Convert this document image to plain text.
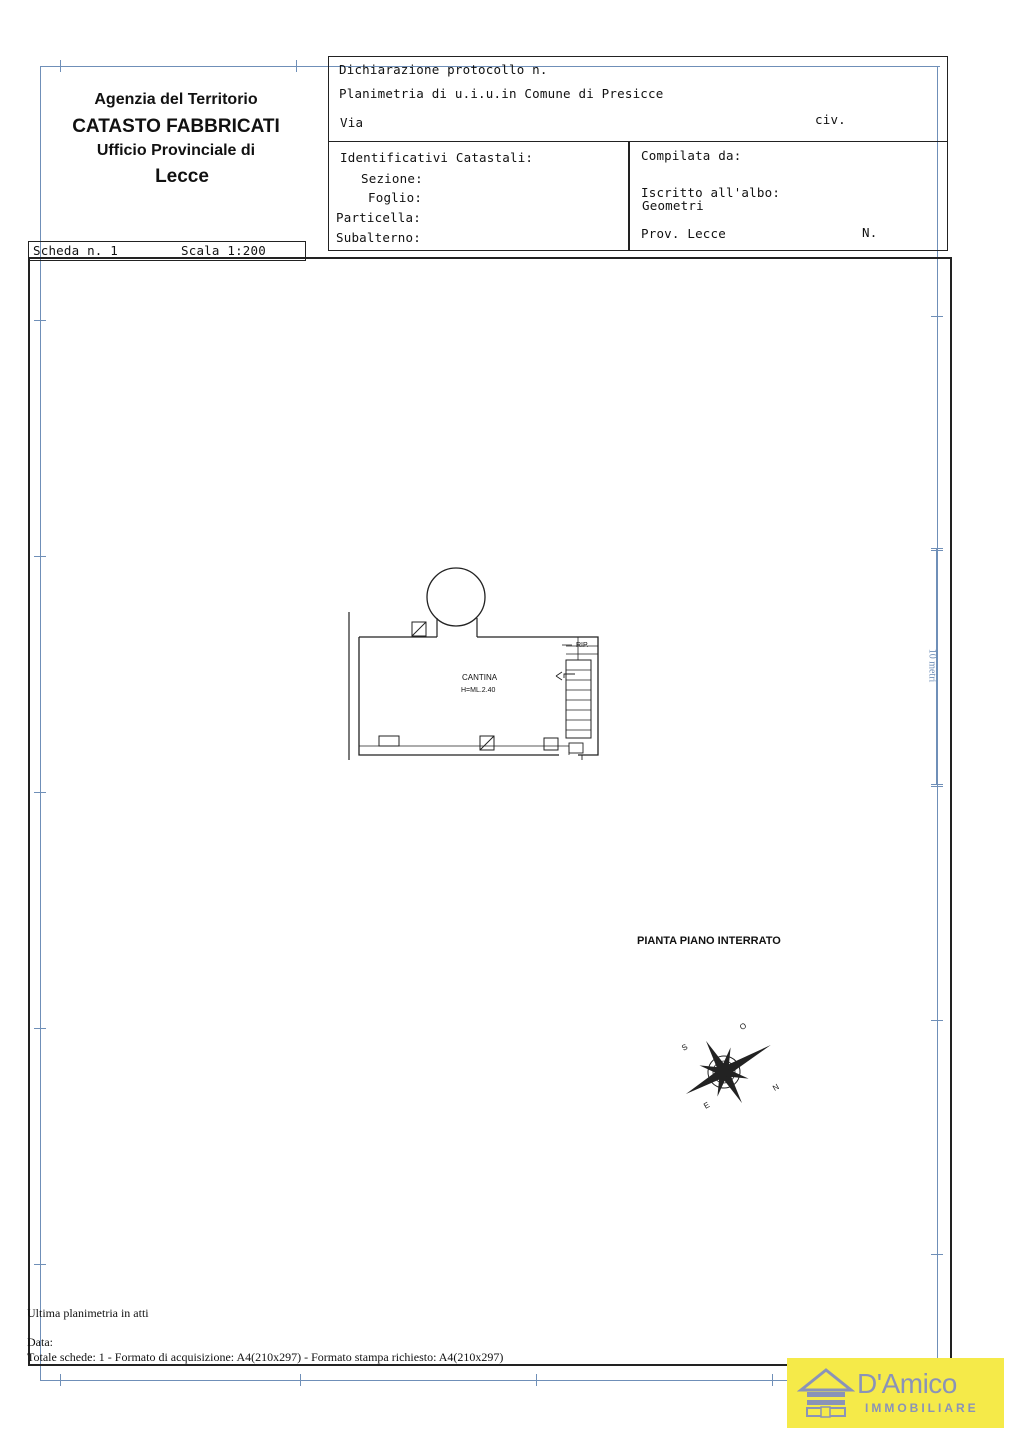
Agenzia del Territorio
CATASTO FABBRICATI
Ufficio Provinciale di
Lecce
Dichiarazione protocollo n.
Planimetria di u.i.u.in Comune di Presicce
Via	civ.
Identificativi Catastali:
Sezione:
Foglio:
Particella:
Subalterno:
Compilata da:
Iscritto all'albo:
Geometri
Prov. Lecce	N.
Scheda n. 1	Scala 1:200
CANTINA
H=ML.2.40
RIP.
10 metri
PIANTA PIANO INTERRATO
N
S
E
O
Ultima planimetria in atti
Data:
Totale schede: 1 - Formato di acquisizione: A4(210x297) - Formato stampa richiesto: A4(210x297)
D'Amico
IMMOBILIARE
